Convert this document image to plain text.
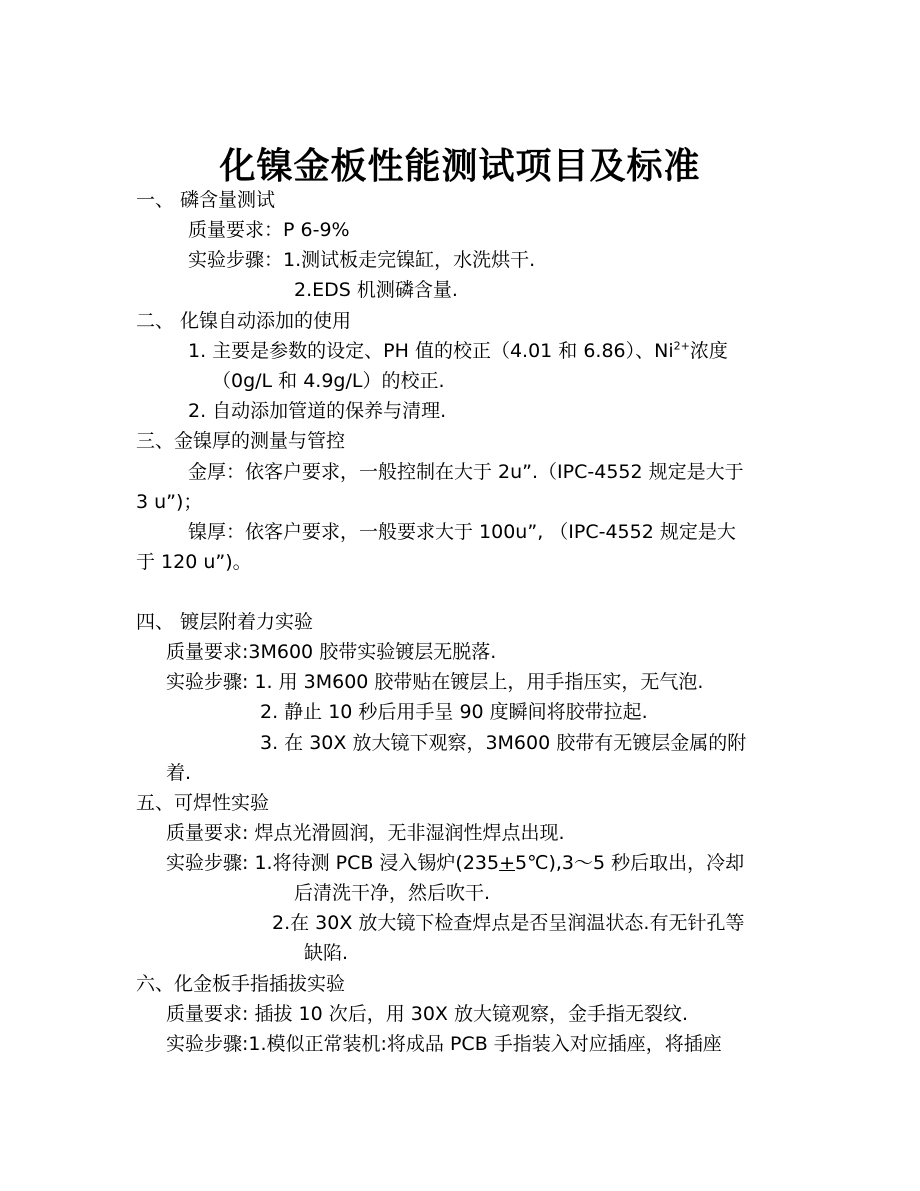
化镍金板性能测试项目及标准
一、 磷含量测试
质量要求：P 6-9%
实验步骤：1.测试板走完镍缸，水洗烘干.
2.EDS 机测磷含量.
二、 化镍自动添加的使用
1. 主要是参数的设定、PH 值的校正（4.01 和 6.86）、$Ni^{2+}$浓度
（0g/L 和 4.9g/L）的校正.
2. 自动添加管道的保养与清理.
三、金镍厚的测量与管控
金厚：依客户要求，一般控制在大于 2u”.（IPC-4552 规定是大于
3 u”)；
镍厚：依客户要求，一般要求大于 100u”, （IPC-4552 规定是大
于 120 u”)。
四、 镀层附着力实验
质量要求:3M600 胶带实验镀层无脱落.
实验步骤: 1. 用 3M600 胶带贴在镀层上，用手指压实，无气泡.
2. 静止 10 秒后用手呈 90 度瞬间将胶带拉起.
3. 在 30X 放大镜下观察，3M600 胶带有无镀层金属的附
着.
五、可焊性实验
质量要求: 焊点光滑圆润，无非湿润性焊点出现.
实验步骤: 1.将待测 PCB 浸入锡炉(235+5℃),3～5 秒后取出，冷却
后清洗干净，然后吹干.
2.在 30X 放大镜下检查焊点是否呈润温状态.有无针孔等
缺陷.
六、化金板手指插拔实验
质量要求: 插拔 10 次后，用 30X 放大镜观察，金手指无裂纹.
实验步骤:1.模似正常装机:将成品 PCB 手指装入对应插座，将插座
